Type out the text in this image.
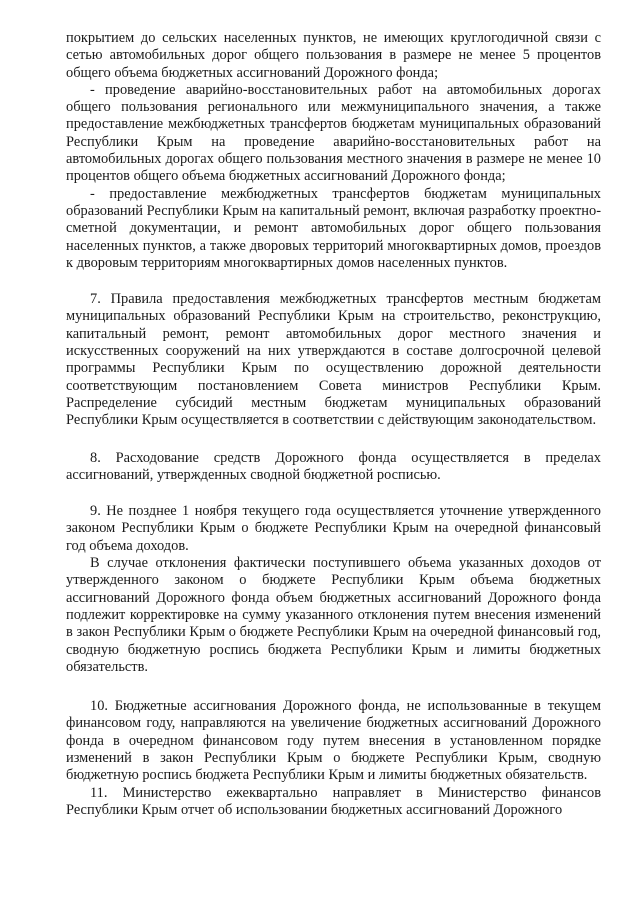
покрытием до сельских населенных пунктов, не имеющих круглогодичной связи с сетью автомобильных дорог общего пользования в размере не менее 5 процентов общего объема бюджетных ассигнований Дорожного фонда;

- проведение аварийно-восстановительных работ на автомобильных дорогах общего пользования регионального или межмуниципального значения, а также предоставление межбюджетных трансфертов бюджетам муниципальных образований Республики Крым на проведение аварийно-восстановительных работ на автомобильных дорогах общего пользования местного значения в размере не менее 10 процентов общего объема бюджетных ассигнований Дорожного фонда;

- предоставление межбюджетных трансфертов бюджетам муниципальных образований Республики Крым на капитальный ремонт, включая разработку проектно-сметной документации, и ремонт автомобильных дорог общего пользования населенных пунктов, а также дворовых территорий многоквартирных домов, проездов к дворовым территориям многоквартирных домов населенных пунктов.

7. Правила предоставления межбюджетных трансфертов местным бюджетам муниципальных образований Республики Крым на строительство, реконструкцию, капитальный ремонт, ремонт автомобильных дорог местного значения и искусственных сооружений на них утверждаются в составе долгосрочной целевой программы Республики Крым по осуществлению дорожной деятельности соответствующим постановлением Совета министров Республики Крым. Распределение субсидий местным бюджетам муниципальных образований Республики Крым осуществляется в соответствии с действующим законодательством.

8. Расходование средств Дорожного фонда осуществляется в пределах ассигнований, утвержденных сводной бюджетной росписью.

9. Не позднее 1 ноября текущего года осуществляется уточнение утвержденного законом Республики Крым о бюджете Республики Крым на очередной финансовый год объема доходов.

В случае отклонения фактически поступившего объема указанных доходов от утвержденного законом о бюджете Республики Крым объема бюджетных ассигнований Дорожного фонда объем бюджетных ассигнований Дорожного фонда подлежит корректировке на сумму указанного отклонения путем внесения изменений в закон Республики Крым о бюджете Республики Крым на очередной финансовый год, сводную бюджетную роспись бюджета Республики Крым и лимиты бюджетных обязательств.

10. Бюджетные ассигнования Дорожного фонда, не использованные в текущем финансовом году, направляются на увеличение бюджетных ассигнований Дорожного фонда в очередном финансовом году путем внесения в установленном порядке изменений в закон Республики Крым о бюджете Республики Крым, сводную бюджетную роспись бюджета Республики Крым и лимиты бюджетных обязательств.

11. Министерство ежеквартально направляет в Министерство финансов Республики Крым отчет об использовании бюджетных ассигнований Дорожного
